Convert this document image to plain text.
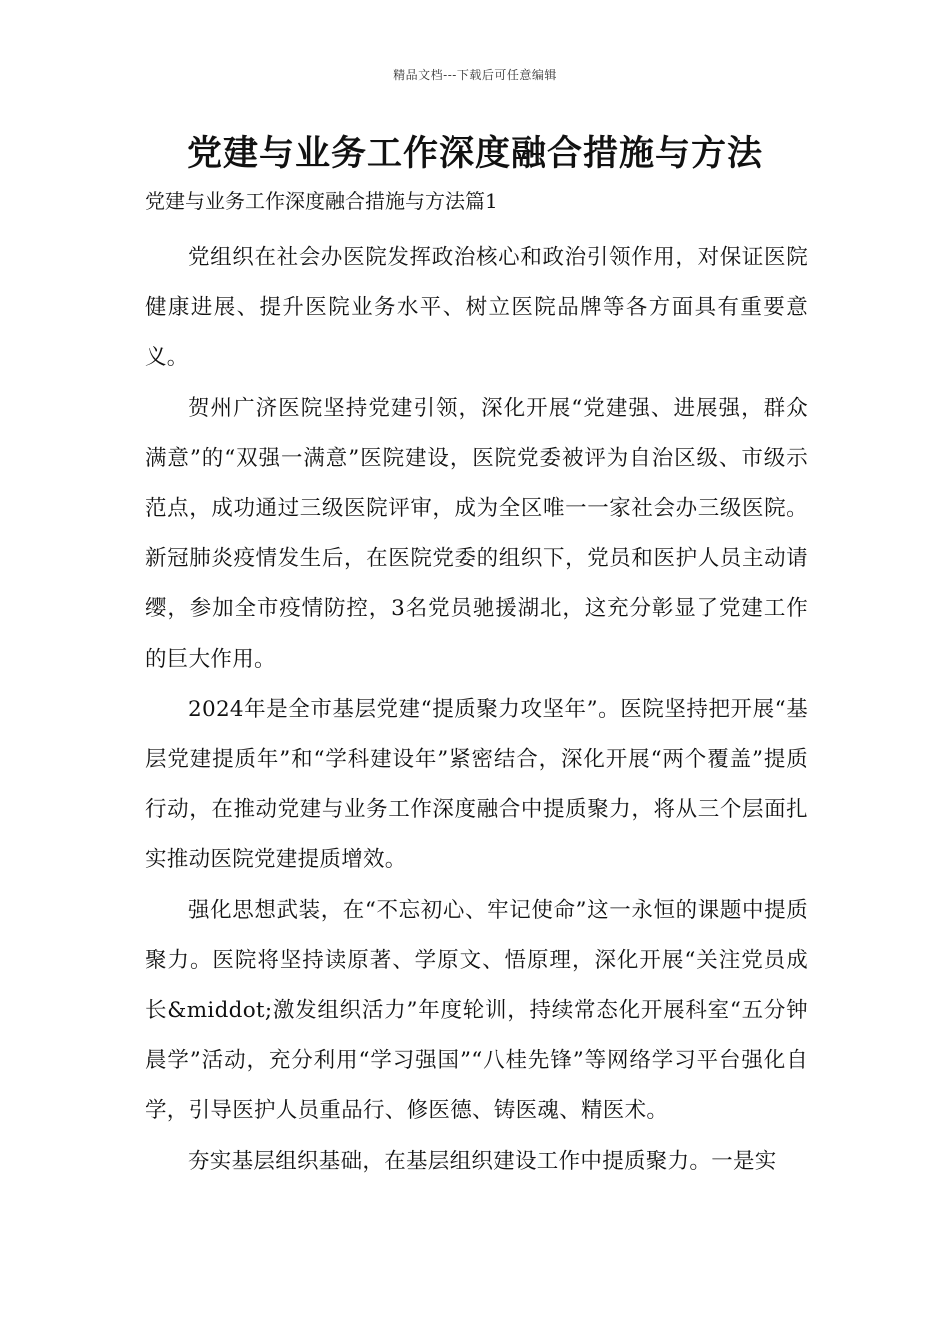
精品文档---下载后可任意编辑
党建与业务工作深度融合措施与方法
党建与业务工作深度融合措施与方法篇1

党组织在社会办医院发挥政治核心和政治引领作用，对保证医院健康进展、提升医院业务水平、树立医院品牌等各方面具有重要意义。

贺州广济医院坚持党建引领，深化开展“党建强、进展强，群众满意”的“双强一满意”医院建设，医院党委被评为自治区级、市级示范点，成功通过三级医院评审，成为全区唯一一家社会办三级医院。新冠肺炎疫情发生后，在医院党委的组织下，党员和医护人员主动请缨，参加全市疫情防控，3名党员驰援湖北，这充分彰显了党建工作的巨大作用。

2024年是全市基层党建“提质聚力攻坚年”。医院坚持把开展“基层党建提质年”和“学科建设年”紧密结合，深化开展“两个覆盖”提质行动，在推动党建与业务工作深度融合中提质聚力，将从三个层面扎实推动医院党建提质增效。

强化思想武装，在“不忘初心、牢记使命”这一永恒的课题中提质聚力。医院将坚持读原著、学原文、悟原理，深化开展“关注党员成长&middot;激发组织活力”年度轮训，持续常态化开展科室“五分钟晨学”活动，充分利用“学习强国”“八桂先锋”等网络学习平台强化自学，引导医护人员重品行、修医德、铸医魂、精医术。

夯实基层组织基础，在基层组织建设工作中提质聚力。一是实
